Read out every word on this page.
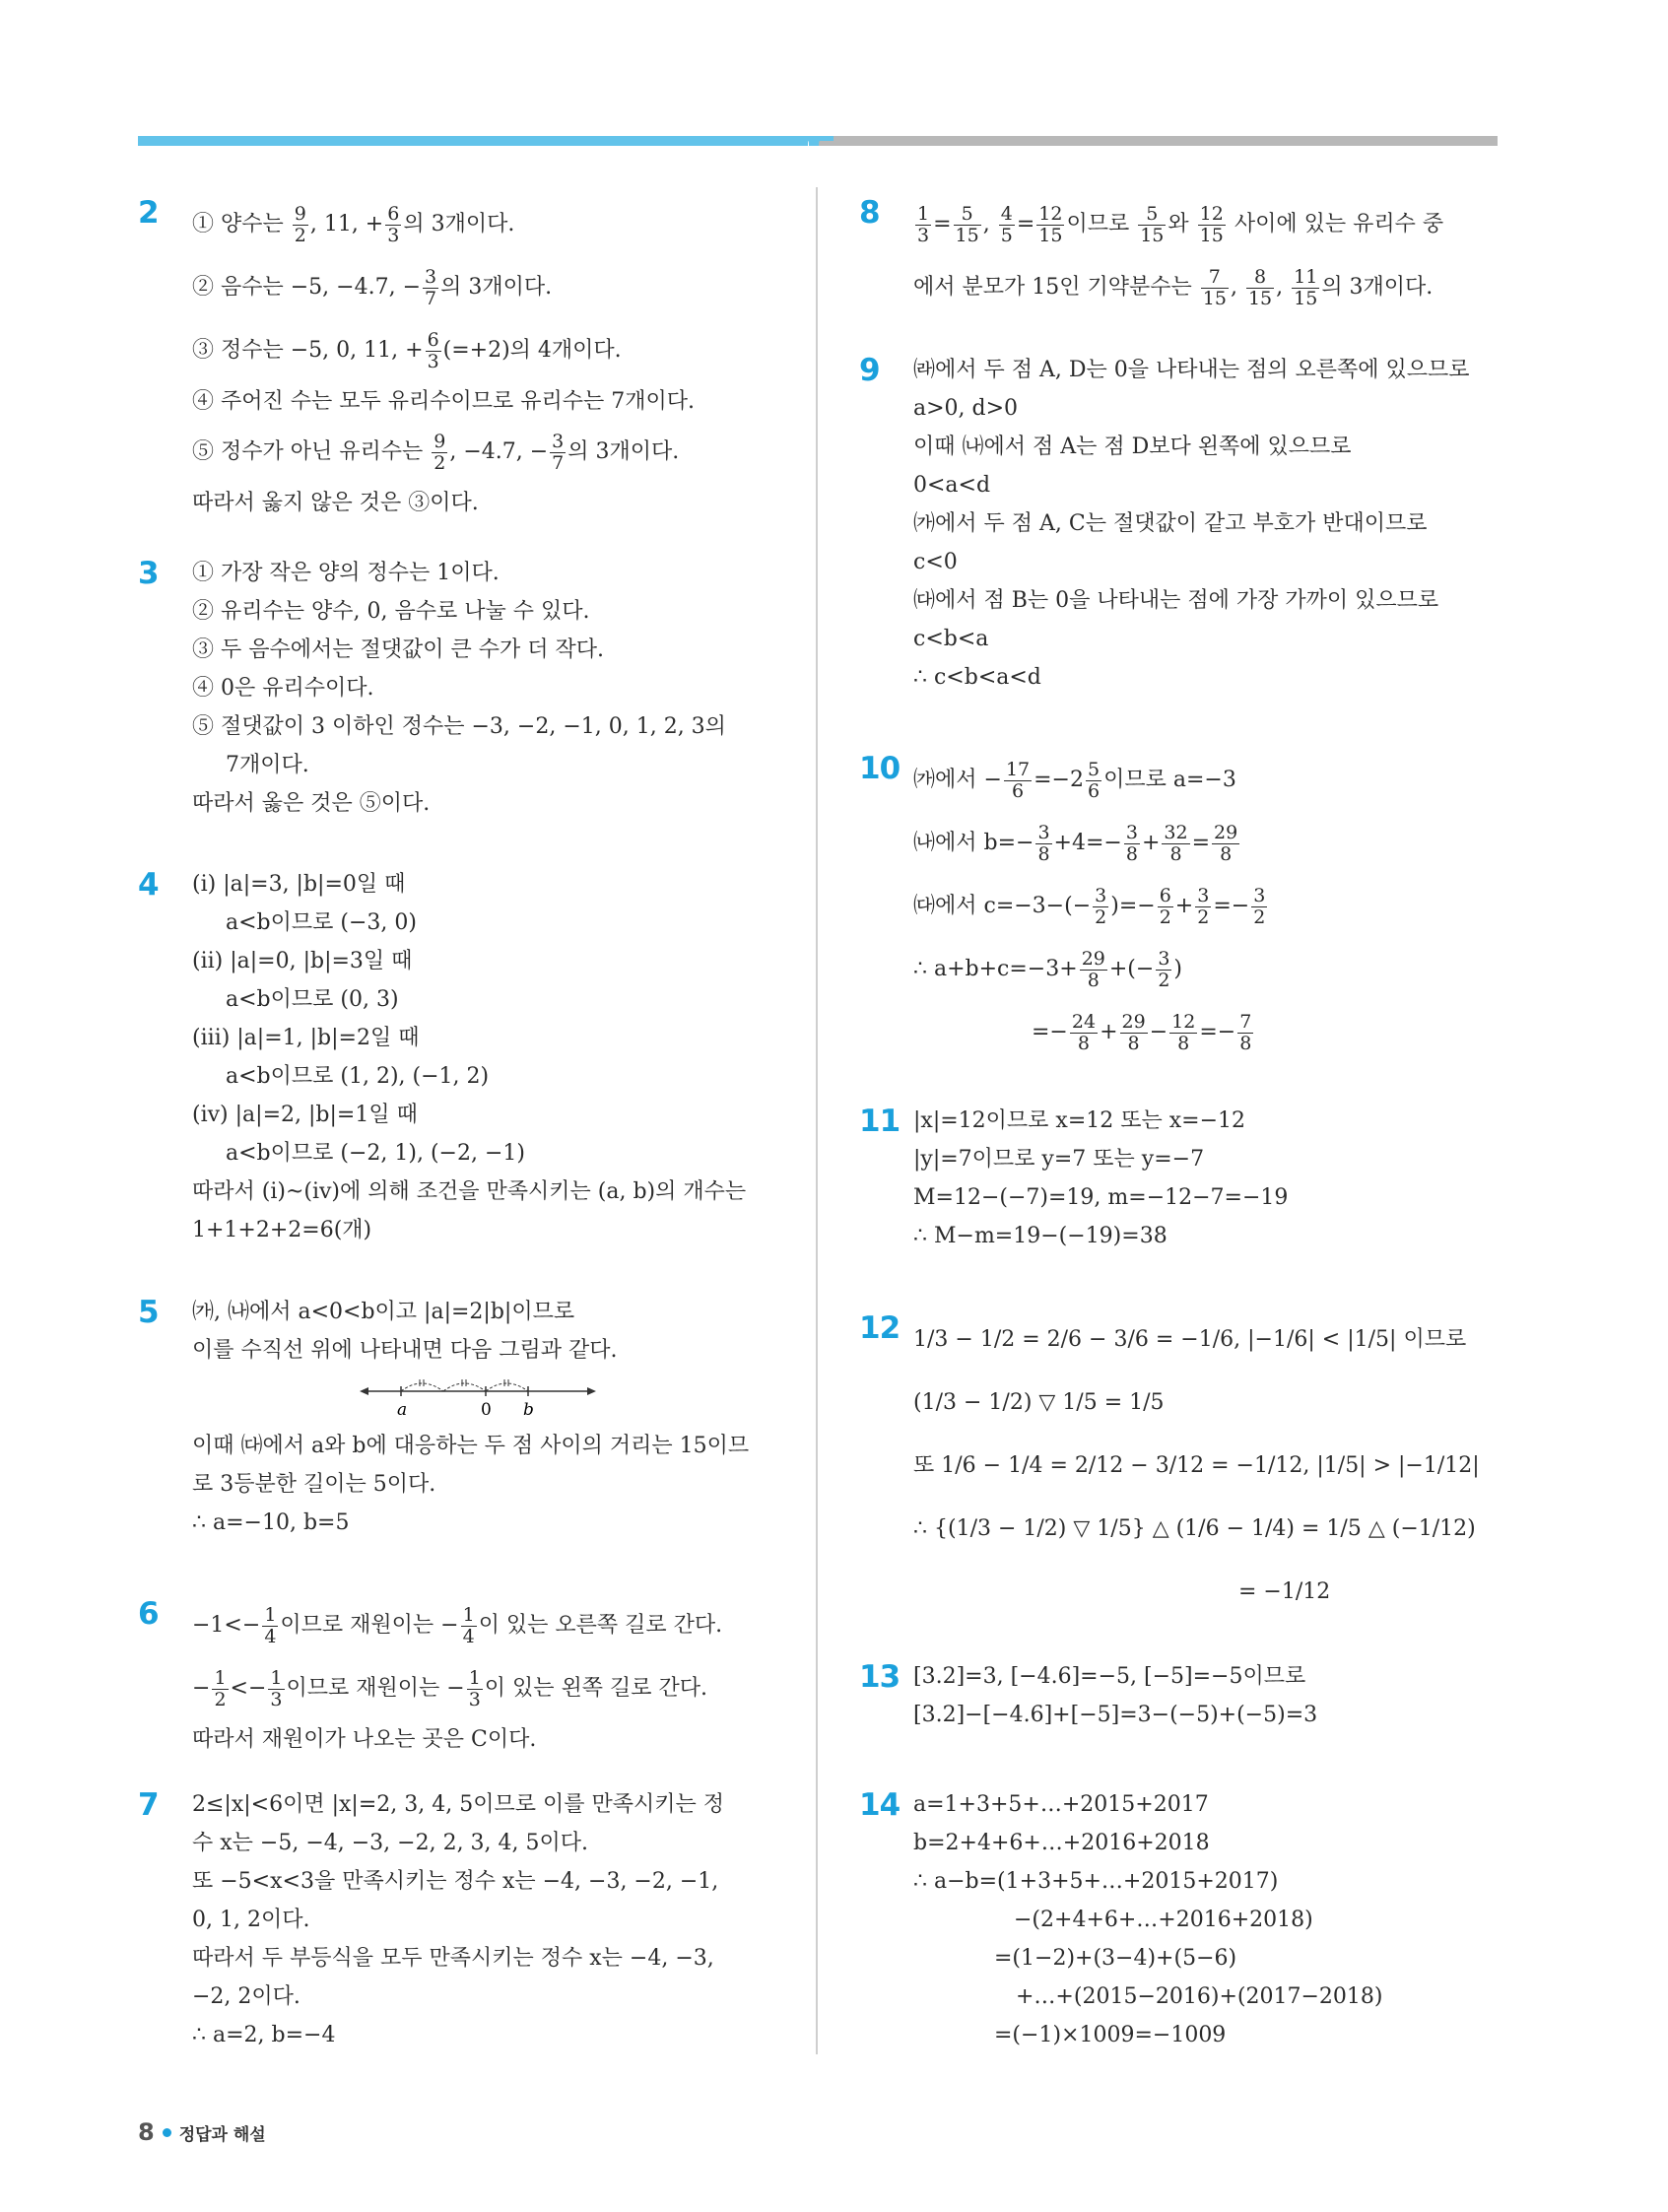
2	① 양수는 $\frac{9}{2}$ , 11, + $\frac{6}{3}$ 의 3개이다.
② 음수는 −5, −4.7, − $\frac{3}{7}$ 의 3개이다.
③ 정수는 −5, 0, 11, + $\frac{6}{3} (=+2)$의 4개이다.
④ 주어진 수는 모두 유리수이므로 유리수는 7개이다.
⑤ 정수가 아닌 유리수는 $\frac{9}{2}$ , −4.7, − $\frac{3}{7}$ 의 3개이다.
따라서 옳지 않은 것은 ③이다.
3	① 가장 작은 양의 정수는 1이다.
② 유리수는 양수, 0, 음수로 나눌 수 있다.
③ 두 음수에서는 절댓값이 큰 수가 더 작다.
④ 0은 유리수이다.
⑤ 절댓값이 3 이하인 정수는 −3, −2, −1, 0, 1, 2, 3의
7개이다.
따라서 옳은 것은 ⑤이다.
4	(ⅰ) |a|=3, |b|=0일 때
a<b이므로 (−3, 0)
(ⅱ) |a|=0, |b|=3일 때
a<b이므로 (0, 3)
(ⅲ) |a|=1, |b|=2일 때
a<b이므로 (1, 2), (−1, 2)
(ⅳ) |a|=2, |b|=1일 때
a<b이므로 (−2, 1), (−2, −1)
따라서 (ⅰ)~(ⅳ)에 의해 조건을 만족시키는 (a, b)의 개수는
1+1+2+2=6(개)
5	㈎, ㈏에서 a<0<b이고 |a|=2|b|이므로
이를 수직선 위에 나타내면 다음 그림과 같다.
a	0 b
이때 ㈐에서 a와 b에 대응하는 두 점 사이의 거리는 15이므
로 3등분한 길이는 5이다.
∴ a=−10, b=5
6	$-1<- \frac{1}{4}$ 이므로 재원이는 − $\frac{1}{4}$ 이 있는 오른쪽 길로 간다.
− $\frac{1}{2} <- \frac{1}{3}$ 이므로 재원이는 − $\frac{1}{3}$ 이 있는 왼쪽 길로 간다.
따라서 재원이가 나오는 곳은 C이다.
7	2≤|x|<6이면 |x|=2, 3, 4, 5이므로 이를 만족시키는 정
수 x는 −5, −4, −3, −2, 2, 3, 4, 5이다.
또 −5<x<3을 만족시키는 정수 x는 −4, −3, −2, −1,
0, 1, 2이다.
따라서 두 부등식을 모두 만족시키는 정수 x는 −4, −3,
−2, 2이다.
∴ a=2, b=−4
8	$\frac{1}{3} = \frac{5}{15}$ , $\frac{4}{5} = \frac{12}{15}$ 이므로 $\frac{5}{15}$ 와 $\frac{12}{15}$ 사이에 있는 유리수 중
에서 분모가 15인 기약분수는 $\frac{7}{15}$ , $\frac{8}{15}$ , $\frac{11}{15}$ 의 3개이다.
9	㈑에서 두 점 A, D는 0을 나타내는 점의 오른쪽에 있으므로
a>0, d>0
이때 ㈏에서 점 A는 점 D보다 왼쪽에 있으므로
0<a<d
㈎에서 두 점 A, C는 절댓값이 같고 부호가 반대이므로
c<0
㈐에서 점 B는 0을 나타내는 점에 가장 가까이 있으므로
c<b<a
∴ c<b<a<d
10 ㈎에서 − $\frac{17}{6} =-2 \frac{5}{6}$ 이므로 a=−3
㈏에서 $b=- \frac{3}{8} +4=- \frac{3}{8} + \frac{32}{8} = \frac{29}{8}$
㈐에서 $c=-3-(- \frac{3}{2}$ )=− $\frac{6}{2} + \frac{3}{2} =- \frac{3}{2}$
∴ $a+b+c=-3+ \frac{29}{8}$ +(− $\frac{3}{2}$ )
=− $\frac{24}{8} + \frac{29}{8} - \frac{12}{8} =- \frac{7}{8}$
11 |x|=12이므로 x=12 또는 x=−12
|y|=7이므로 y=7 또는 y=−7
M=12−(−7)=19, m=−12−7=−19
∴ M−m=19−(−19)=38
12 1/3 − 1/2 = 2/6 − 3/6 = −1/6, |−1/6| < |1/5| 이므로
(1/3 − 1/2) ▽ 1/5 = 1/5
또 1/6 − 1/4 = 2/12 − 3/12 = −1/12, |1/5| > |−1/12|
∴ {(1/3 − 1/2) ▽ 1/5} △ (1/6 − 1/4) = 1/5 △ (−1/12)
= −1/12
13 [3.2]=3, [−4.6]=−5, [−5]=−5이므로
[3.2]−[−4.6]+[−5]=3−(−5)+(−5)=3
14 a=1+3+5+…+2015+2017
b=2+4+6+…+2016+2018
∴ a−b=(1+3+5+…+2015+2017)
−(2+4+6+…+2016+2018)
=(1−2)+(3−4)+(5−6)
+…+(2015−2016)+(2017−2018)
=(−1)×1009=−1009
8 정답과 해설
